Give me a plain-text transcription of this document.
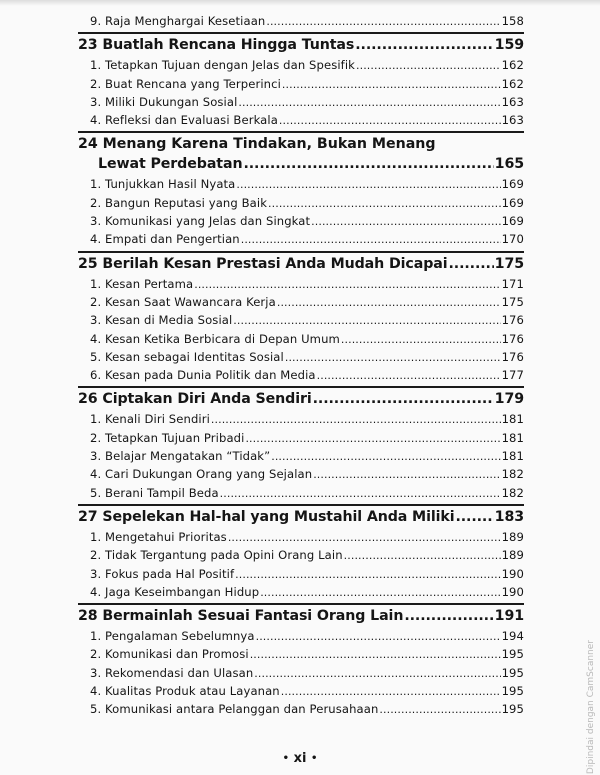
9. Raja Menghargai Kesetiaan .....	158
23 Buatlah Rencana Hingga Tuntas .....	159
1. Tetapkan Tujuan dengan Jelas dan Spesifik .....	162
2. Buat Rencana yang Terperinci .....	162
3. Miliki Dukungan Sosial .....	163
4. Refleksi dan Evaluasi Berkala .....	163
24 Menang Karena Tindakan, Bukan Menang
Lewat Perdebatan .....	165
1. Tunjukkan Hasil Nyata .....	169
2. Bangun Reputasi yang Baik .....	169
3. Komunikasi yang Jelas dan Singkat .....	169
4. Empati dan Pengertian .....	170
25 Berilah Kesan Prestasi Anda Mudah Dicapai .....	175
1. Kesan Pertama .....	171
2. Kesan Saat Wawancara Kerja .....	175
3. Kesan di Media Sosial .....	176
4. Kesan Ketika Berbicara di Depan Umum .....	176
5. Kesan sebagai Identitas Sosial .....	176
6. Kesan pada Dunia Politik dan Media .....	177
26 Ciptakan Diri Anda Sendiri .....	179
1. Kenali Diri Sendiri .....	181
2. Tetapkan Tujuan Pribadi .....	181
3. Belajar Mengatakan “Tidak” .....	181
4. Cari Dukungan Orang yang Sejalan .....	182
5. Berani Tampil Beda .....	182
27 Sepelekan Hal-hal yang Mustahil Anda Miliki .....	183
1. Mengetahui Prioritas .....	189
2. Tidak Tergantung pada Opini Orang Lain .....	189
3. Fokus pada Hal Positif .....	190
4. Jaga Keseimbangan Hidup .....	190
28 Bermainlah Sesuai Fantasi Orang Lain .....	191
1. Pengalaman Sebelumnya .....	194
2. Komunikasi dan Promosi .....	195
3. Rekomendasi dan Ulasan .....	195
4. Kualitas Produk atau Layanan .....	195
5. Komunikasi antara Pelanggan dan Perusahaan .....	195
• xi •	Dipindai dengan CamScanner
